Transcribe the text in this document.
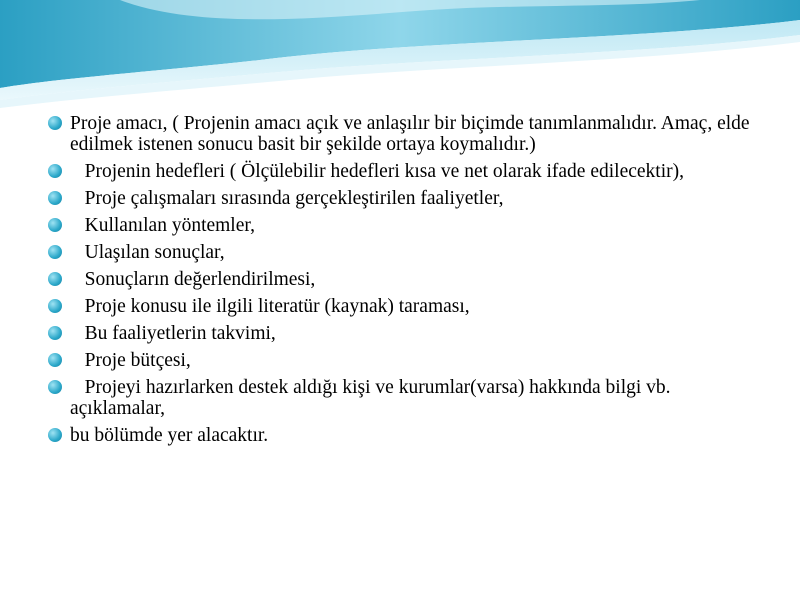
Proje amacı, ( Projenin amacı açık ve anlaşılır bir biçimde tanımlanmalıdır. Amaç, elde edilmek istenen sonucu basit bir şekilde ortaya koymalıdır.)
Projenin hedefleri ( Ölçülebilir hedefleri kısa ve net olarak ifade edilecektir),
Proje çalışmaları sırasında gerçekleştirilen faaliyetler,
Kullanılan yöntemler,
Ulaşılan sonuçlar,
Sonuçların değerlendirilmesi,
Proje konusu ile ilgili literatür (kaynak) taraması,
Bu faaliyetlerin takvimi,
Proje bütçesi,
Projeyi hazırlarken destek aldığı kişi ve kurumlar(varsa) hakkında bilgi vb. açıklamalar,
bu bölümde yer alacaktır.
